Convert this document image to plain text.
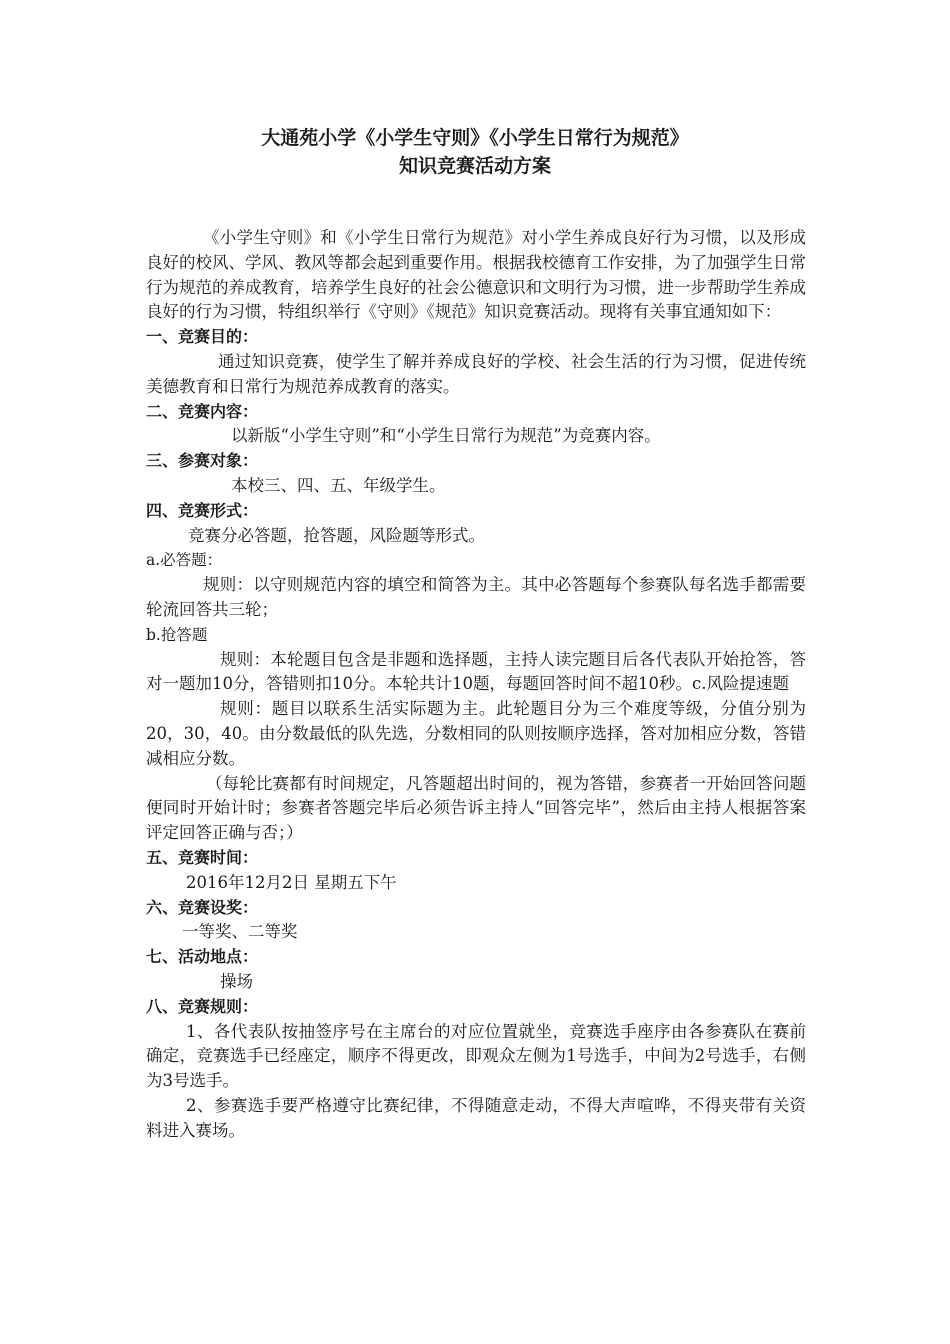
大通苑小学《小学生守则》《小学生日常行为规范》
知识竞赛活动方案

《小学生守则》和《小学生日常行为规范》对小学生养成良好行为习惯，以及形成良好的校风、学风、教风等都会起到重要作用。根据我校德育工作安排，为了加强学生日常行为规范的养成教育，培养学生良好的社会公德意识和文明行为习惯，进一步帮助学生养成良好的行为习惯，特组织举行《守则》《规范》知识竞赛活动。现将有关事宜通知如下：

一、竞赛目的：

通过知识竞赛，使学生了解并养成良好的学校、社会生活的行为习惯，促进传统美德教育和日常行为规范养成教育的落实。

二、竞赛内容：

以新版“小学生守则”和“小学生日常行为规范”为竞赛内容。

三、参赛对象：

本校三、四、五、年级学生。

四、竞赛形式：

竞赛分必答题，抢答题，风险题等形式。

a.必答题：

规则：以守则规范内容的填空和简答为主。其中必答题每个参赛队每名选手都需要轮流回答共三轮；

b.抢答题

规则：本轮题目包含是非题和选择题，主持人读完题目后各代表队开始抢答，答对一题加10分，答错则扣10分。本轮共计10题，每题回答时间不超10秒。c.风险提速题

规则：题目以联系生活实际题为主。此轮题目分为三个难度等级，分值分别为20，30，40。由分数最低的队先选，分数相同的队则按顺序选择，答对加相应分数，答错减相应分数。

（每轮比赛都有时间规定，凡答题超出时间的，视为答错，参赛者一开始回答问题便同时开始计时；参赛者答题完毕后必须告诉主持人“回答完毕”，然后由主持人根据答案评定回答正确与否；）

五、竞赛时间：

2016年12月2日 星期五下午

六、竞赛设奖：

一等奖、二等奖

七、活动地点：

操场

八、竞赛规则：

1、各代表队按抽签序号在主席台的对应位置就坐，竞赛选手座序由各参赛队在赛前确定，竞赛选手已经座定，顺序不得更改，即观众左侧为1号选手，中间为2号选手，右侧为3号选手。

2、参赛选手要严格遵守比赛纪律，不得随意走动，不得大声喧哗，不得夹带有关资料进入赛场。
